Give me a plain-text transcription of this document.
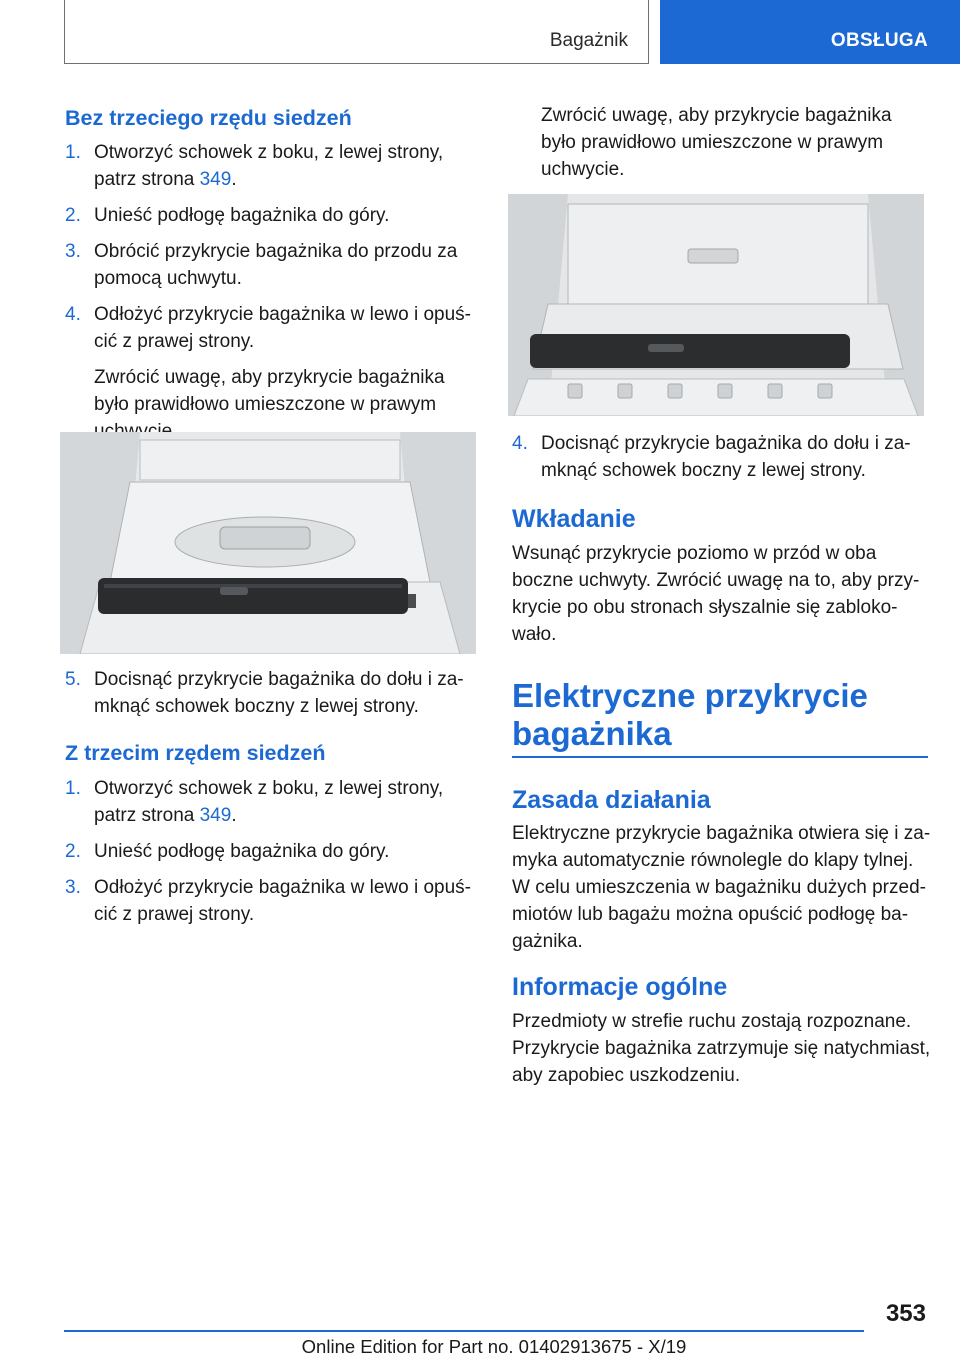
Bagażnik	OBSŁUGA
Bez trzeciego rzędu siedzeń
1. Otworzyć schowek z boku, z lewej strony, patrz strona 349.
2. Unieść podłogę bagażnika do góry.
3. Obrócić przykrycie bagażnika do przodu za pomocą uchwytu.
4. Odłożyć przykrycie bagażnika w lewo i opuś‐ cić z prawej strony.
Zwrócić uwagę, aby przykrycie bagażnika było prawidłowo umieszczone w prawym
5. Docisnąć przykrycie bagażnika do dołu i za‐ mknąć schowek boczny z lewej strony.
Z trzecim rzędem siedzeń
1. Otworzyć schowek z boku, z lewej strony, patrz strona 349.
2. Unieść podłogę bagażnika do góry.
3. Odłożyć przykrycie bagażnika w lewo i opuś‐ cić z prawej strony.
Zwrócić uwagę, aby przykrycie bagażnika było prawidłowo umieszczone w prawym uchwycie.
4. Docisnąć przykrycie bagażnika do dołu i za‐ mknąć schowek boczny z lewej strony.
Wkładanie
Wsunąć przykrycie poziomo w przód w oba boczne uchwyty. Zwrócić uwagę na to, aby przy‐ krycie po obu stronach słyszalnie się zabloko‐ wało.
Elektryczne przykrycie bagażnika
Zasada działania
Elektryczne przykrycie bagażnika otwiera się i za‐ myka automatycznie równolegle do klapy tylnej. W celu umieszczenia w bagażniku dużych przed‐ miotów lub bagażu można opuścić podłogę ba‐ gażnika.
Informacje ogólne
Przedmioty w strefie ruchu zostają rozpoznane. Przykrycie bagażnika zatrzymuje się natychmiast, aby zapobiec uszkodzeniu.
353
Online Edition for Part no. 01402913675 - X/19
